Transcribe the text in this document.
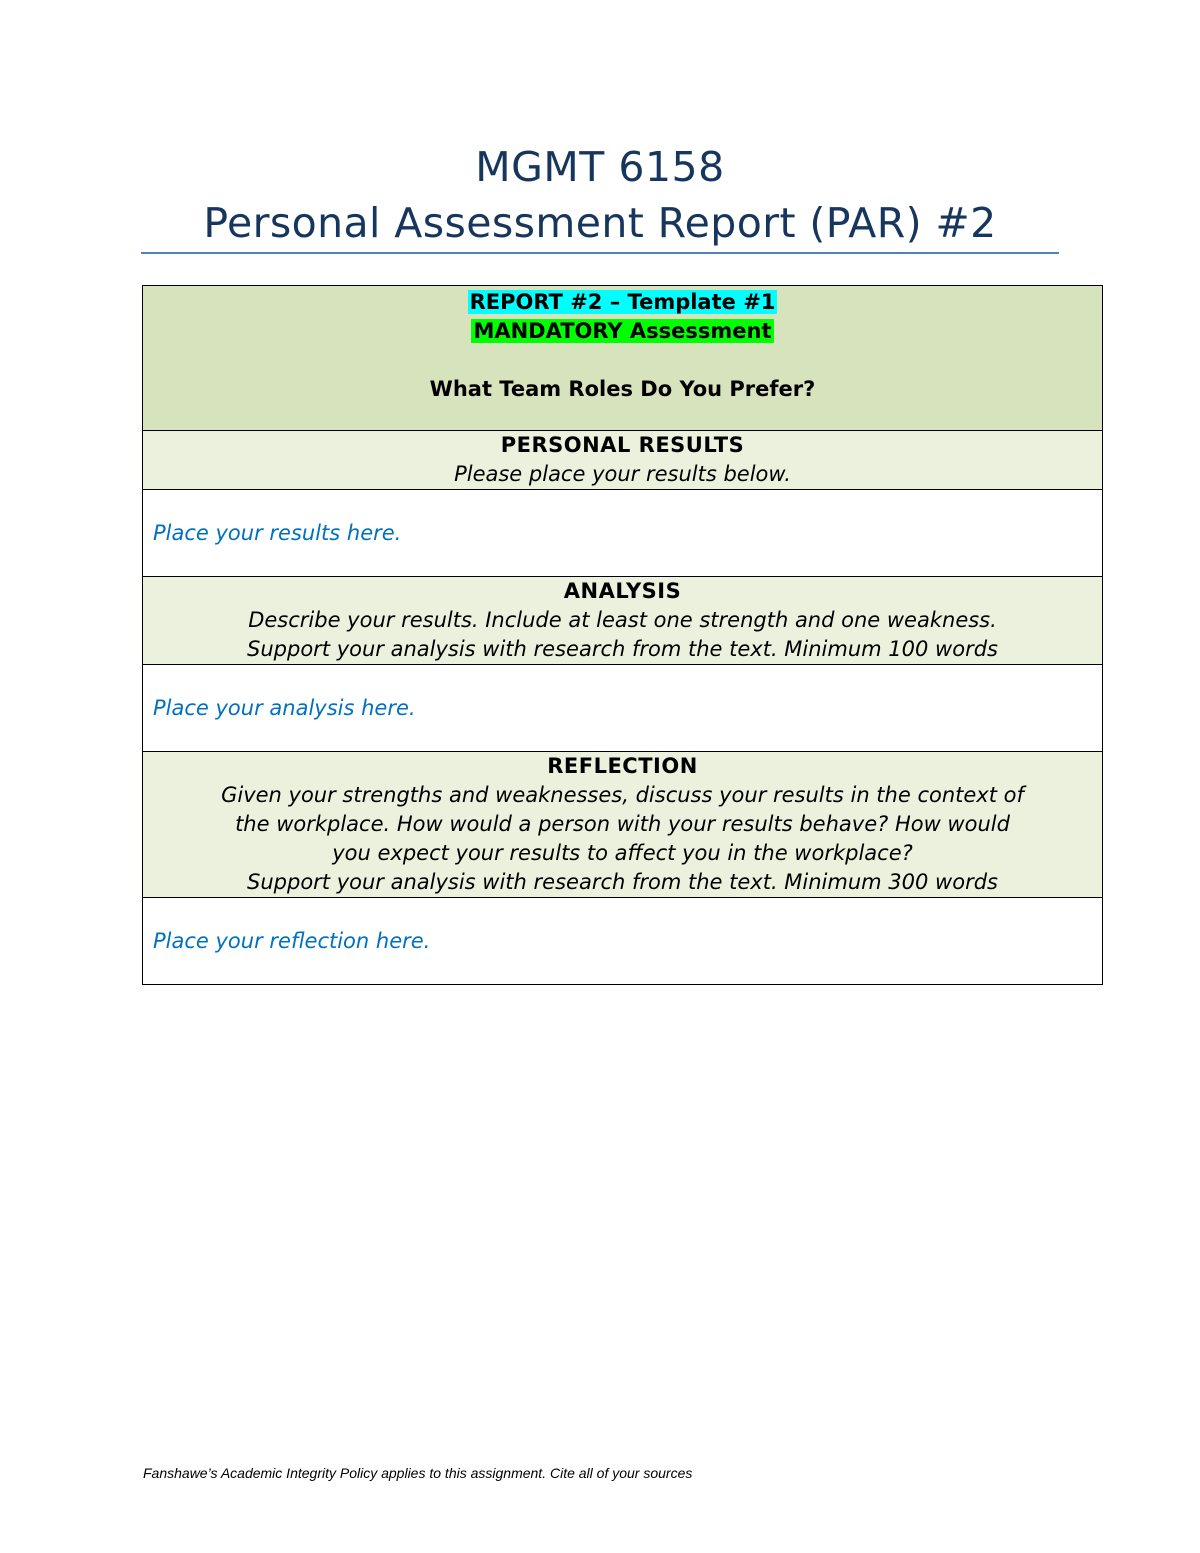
MGMT 6158
Personal Assessment Report (PAR) #2
REPORT #2 – Template #1
MANDATORY Assessment

What Team Roles Do You Prefer?

PERSONAL RESULTS
Please place your results below.

Place your results here.

ANALYSIS
Describe your results. Include at least one strength and one weakness.
Support your analysis with research from the text. Minimum 100 words

Place your analysis here.

REFLECTION
Given your strengths and weaknesses, discuss your results in the context of
the workplace. How would a person with your results behave? How would
you expect your results to affect you in the workplace?
Support your analysis with research from the text. Minimum 300 words

Place your reflection here.
Fanshawe’s Academic Integrity Policy applies to this assignment. Cite all of your sources
